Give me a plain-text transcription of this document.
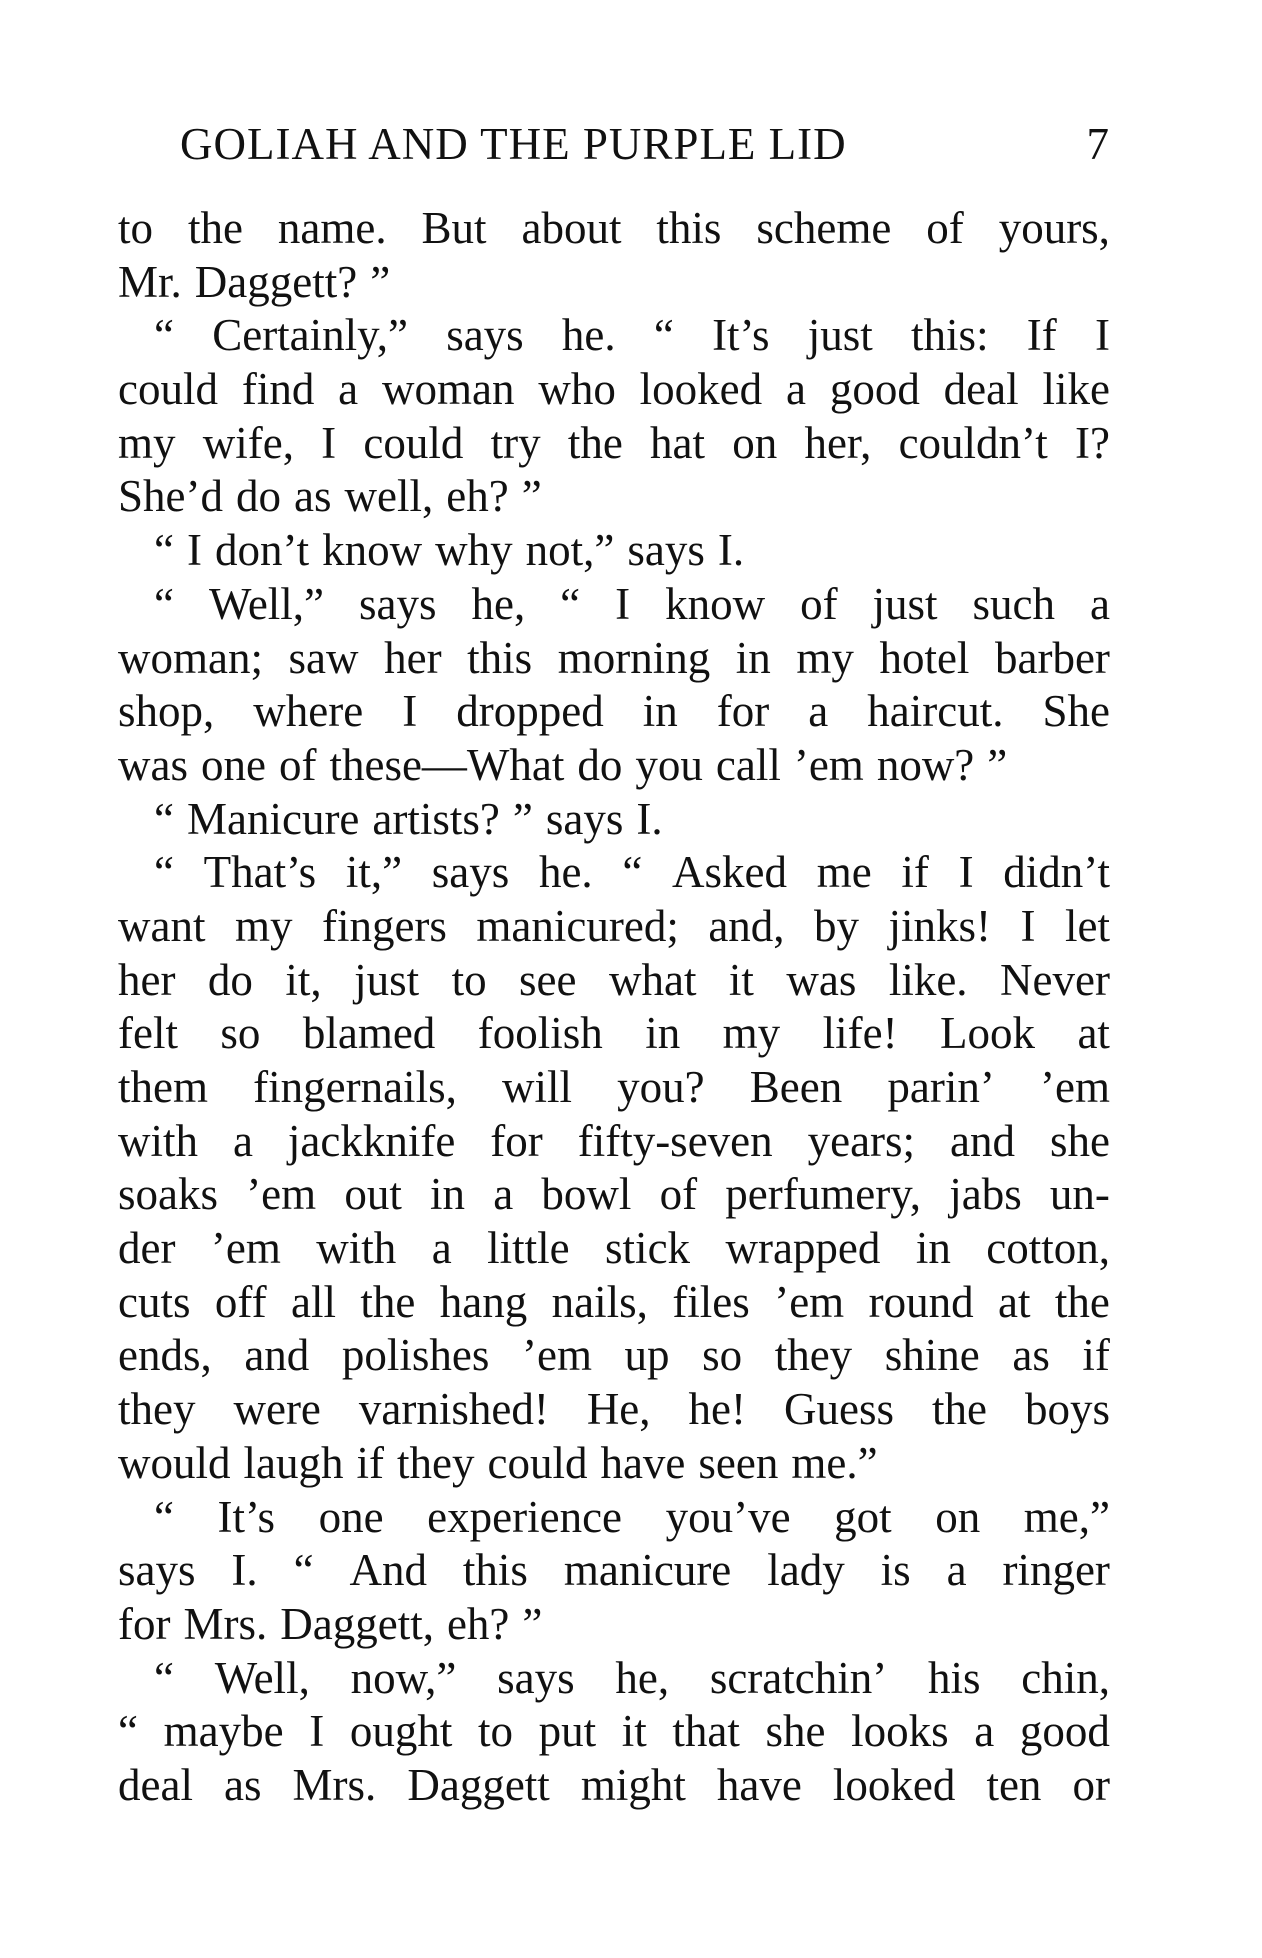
GOLIAH AND THE PURPLE LID	7
to the name. But about this scheme of yours,
Mr. Daggett? ”
“ Certainly,” says he. “ It’s just this: If I
could find a woman who looked a good deal like
my wife, I could try the hat on her, couldn’t I?
She’d do as well, eh? ”
“ I don’t know why not,” says I.
“ Well,” says he, “ I know of just such a
woman; saw her this morning in my hotel barber
shop, where I dropped in for a haircut. She
was one of these—What do you call ’em now? ”
“ Manicure artists? ” says I.
“ That’s it,” says he. “ Asked me if I didn’t
want my fingers manicured; and, by jinks! I let
her do it, just to see what it was like. Never
felt so blamed foolish in my life! Look at
them fingernails, will you? Been parin’ ’em
with a jackknife for fifty-seven years; and she
soaks ’em out in a bowl of perfumery, jabs un-
der ’em with a little stick wrapped in cotton,
cuts off all the hang nails, files ’em round at the
ends, and polishes ’em up so they shine as if
they were varnished! He, he! Guess the boys
would laugh if they could have seen me.”
“ It’s one experience you’ve got on me,”
says I. “ And this manicure lady is a ringer
for Mrs. Daggett, eh? ”
“ Well, now,” says he, scratchin’ his chin,
“ maybe I ought to put it that she looks a good
deal as Mrs. Daggett might have looked ten or
